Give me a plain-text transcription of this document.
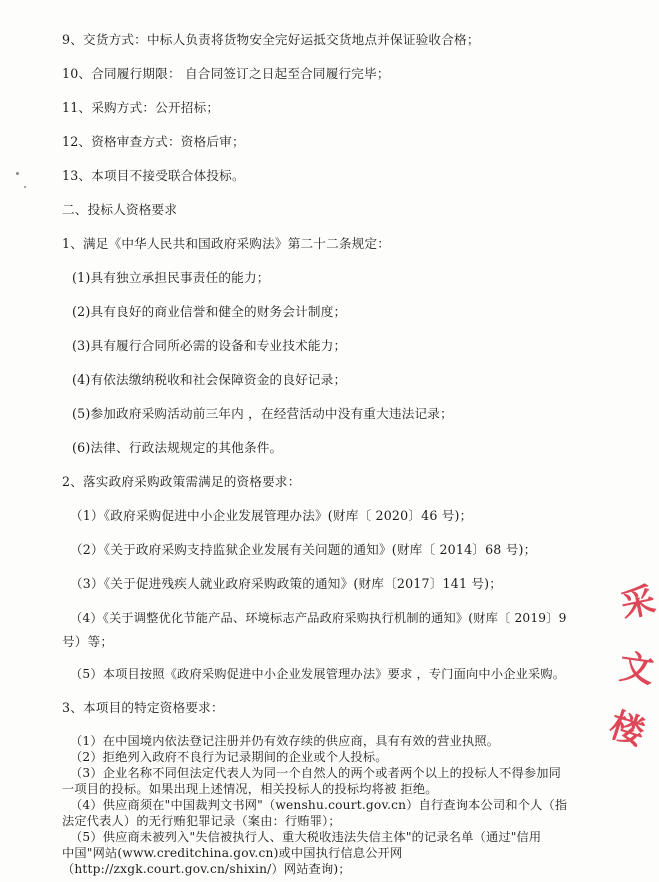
9、交货方式：中标人负责将货物安全完好运抵交货地点并保证验收合格；
10、合同履行期限： 自合同签订之日起至合同履行完毕；
11、采购方式：公开招标；
12、资格审查方式：资格后审；
13、本项目不接受联合体投标。
二、投标人资格要求
1、满足《中华人民共和国政府采购法》第二十二条规定：
(1)具有独立承担民事责任的能力；
(2)具有良好的商业信誉和健全的财务会计制度；
(3)具有履行合同所必需的设备和专业技术能力；
(4)有依法缴纳税收和社会保障资金的良好记录；
(5)参加政府采购活动前三年内 ，在经营活动中没有重大违法记录；
(6)法律、行政法规规定的其他条件。
2、落实政府采购政策需满足的资格要求：
（1）《政府采购促进中小企业发展管理办法》(财库〔 2020〕46 号)；
（2）《关于政府采购支持监狱企业发展有关问题的通知》(财库〔 2014〕68 号)；
（3）《关于促进残疾人就业政府采购政策的通知》(财库〔2017〕141 号)；
（4）《关于调整优化节能产品、环境标志产品政府采购执行机制的通知》(财库〔 2019〕9
号）等；
（5）本项目按照《政府采购促进中小企业发展管理办法》要求 ，专门面向中小企业采购。
3、本项目的特定资格要求：
（1）在中国境内依法登记注册并仍有效存续的供应商，具有有效的营业执照。
（2）拒绝列入政府不良行为记录期间的企业或个人投标。
（3）企业名称不同但法定代表人为同一个自然人的两个或者两个以上的投标人不得参加同
一项目的投标。如果出现上述情况，相关投标人的投标均将被 拒绝。
（4）供应商须在"中国裁判文书网"（wenshu.court.gov.cn）自行查询本公司和个人（指
法定代表人）的无行贿犯罪记录（案由：行贿罪）；
（5）供应商未被列入"失信被执行人、重大税收违法失信主体"的记录名单（通过"信用
中国"网站(www.creditchina.gov.cn)或中国执行信息公开网
（http://zxgk.court.gov.cn/shixin/）网站查询)；
采
文
楼
